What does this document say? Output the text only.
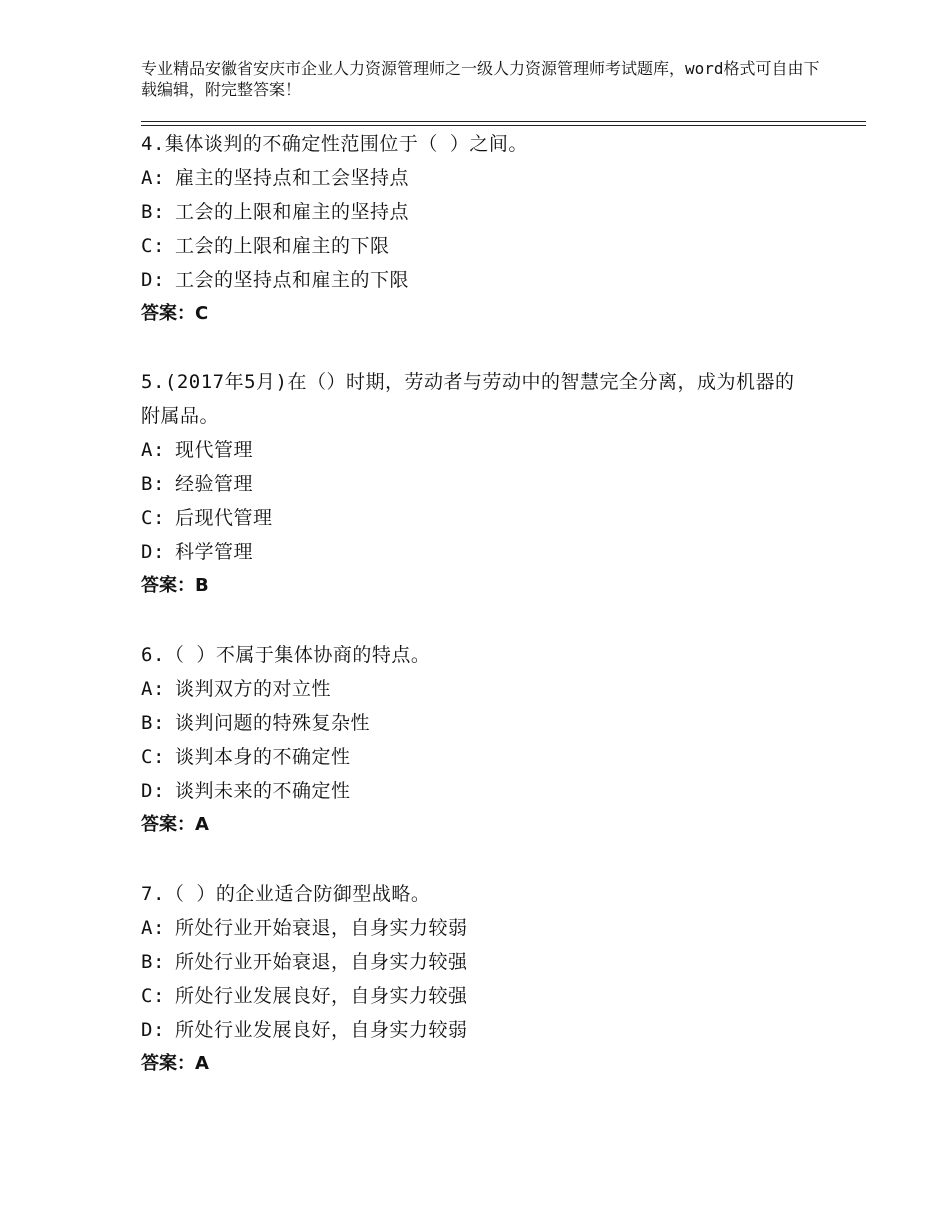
专业精品安徽省安庆市企业人力资源管理师之一级人力资源管理师考试题库，word格式可自由下载编辑，附完整答案！

4.集体谈判的不确定性范围位于（ ）之间。

A: 雇主的坚持点和工会坚持点

B: 工会的上限和雇主的坚持点

C: 工会的上限和雇主的下限

D: 工会的坚持点和雇主的下限

答案：C

5.(2017年5月)在（）时期，劳动者与劳动中的智慧完全分离，成为机器的附属品。

A: 现代管理

B: 经验管理

C: 后现代管理

D: 科学管理

答案：B

6.（ ）不属于集体协商的特点。

A: 谈判双方的对立性

B: 谈判问题的特殊复杂性

C: 谈判本身的不确定性

D: 谈判未来的不确定性

答案：A

7.（ ）的企业适合防御型战略。

A: 所处行业开始衰退，自身实力较弱

B: 所处行业开始衰退，自身实力较强

C: 所处行业发展良好，自身实力较强

D: 所处行业发展良好，自身实力较弱

答案：A
